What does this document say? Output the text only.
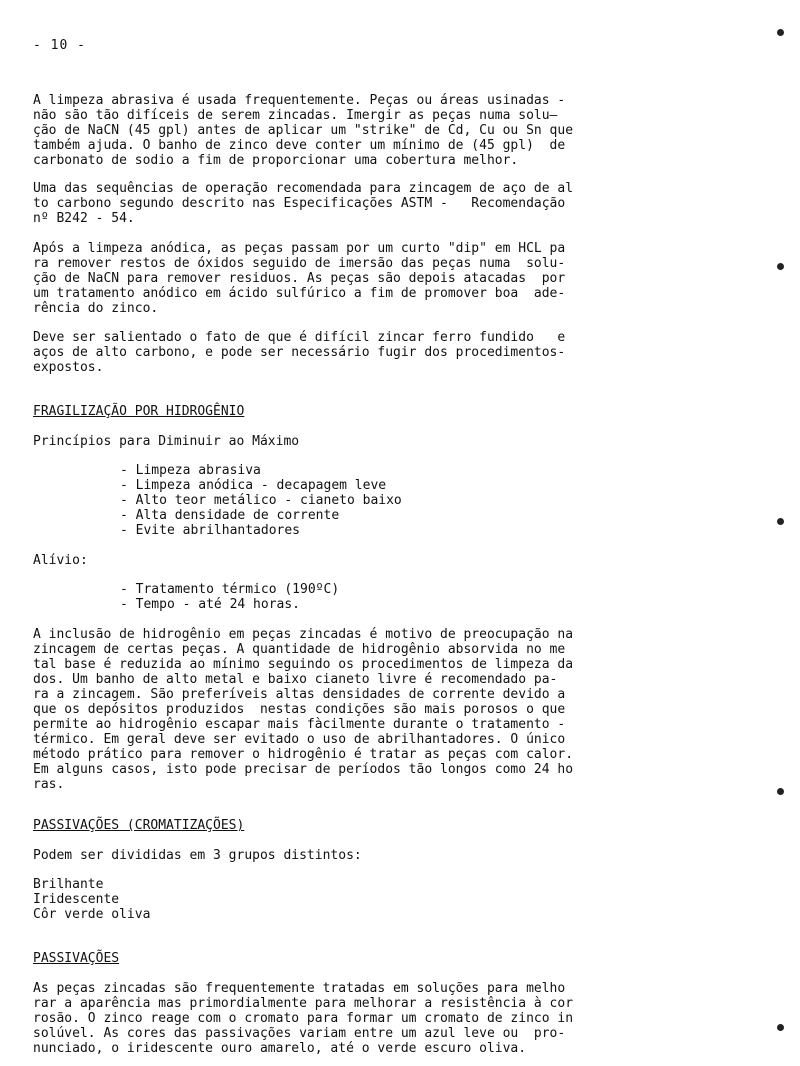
- 10 -
A limpeza abrasiva é usada frequentemente. Peças ou áreas usinadas -
não são tão difíceis de serem zincadas. Imergir as peças numa solu—
ção de NaCN (45 gpl) antes de aplicar um "strike" de Cd, Cu ou Sn que
também ajuda. O banho de zinco deve conter um mínimo de (45 gpl)  de
carbonato de sodio a fim de proporcionar uma cobertura melhor.
Uma das sequências de operação recomendada para zincagem de aço de al
to carbono segundo descrito nas Especificações ASTM -   Recomendação
nº B242 - 54.
Após a limpeza anódica, as peças passam por um curto "dip" em HCL pa
ra remover restos de óxidos seguido de imersão das peças numa  solu-
ção de NaCN para remover residuos. As peças são depois atacadas  por
um tratamento anódico em ácido sulfúrico a fim de promover boa  ade-
rência do zinco.
Deve ser salientado o fato de que é difícil zincar ferro fundido   e
aços de alto carbono, e pode ser necessário fugir dos procedimentos-
expostos.
FRAGILIZAÇÃO POR HIDROGÊNIO
Princípios para Diminuir ao Máximo
- Limpeza abrasiva
- Limpeza anódica - decapagem leve
- Alto teor metálico - cianeto baixo
- Alta densidade de corrente
- Evite abrilhantadores
Alívio:
- Tratamento térmico (190ºC)
- Tempo - até 24 horas.
A inclusão de hidrogênio em peças zincadas é motivo de preocupação na
zincagem de certas peças. A quantidade de hidrogênio absorvida no me
tal base é reduzida ao mínimo seguindo os procedimentos de limpeza da
dos. Um banho de alto metal e baixo cianeto livre é recomendado pa-
ra a zincagem. São preferíveis altas densidades de corrente devido a
que os depósitos produzidos  nestas condições são mais porosos o que
permite ao hidrogênio escapar mais fàcilmente durante o tratamento -
térmico. Em geral deve ser evitado o uso de abrilhantadores. O único
método prático para remover o hidrogênio é tratar as peças com calor.
Em alguns casos, isto pode precisar de períodos tão longos como 24 ho
ras.
PASSIVAÇÕES (CROMATIZAÇÕES)
Podem ser divididas em 3 grupos distintos:
Brilhante
Iridescente
Côr verde oliva
PASSIVAÇÕES
As peças zincadas são frequentemente tratadas em soluções para melho
rar a aparência mas primordialmente para melhorar a resistência à cor
rosão. O zinco reage com o cromato para formar um cromato de zinco in
solúvel. As cores das passivações variam entre um azul leve ou  pro-
nunciado, o iridescente ouro amarelo, até o verde escuro oliva.
